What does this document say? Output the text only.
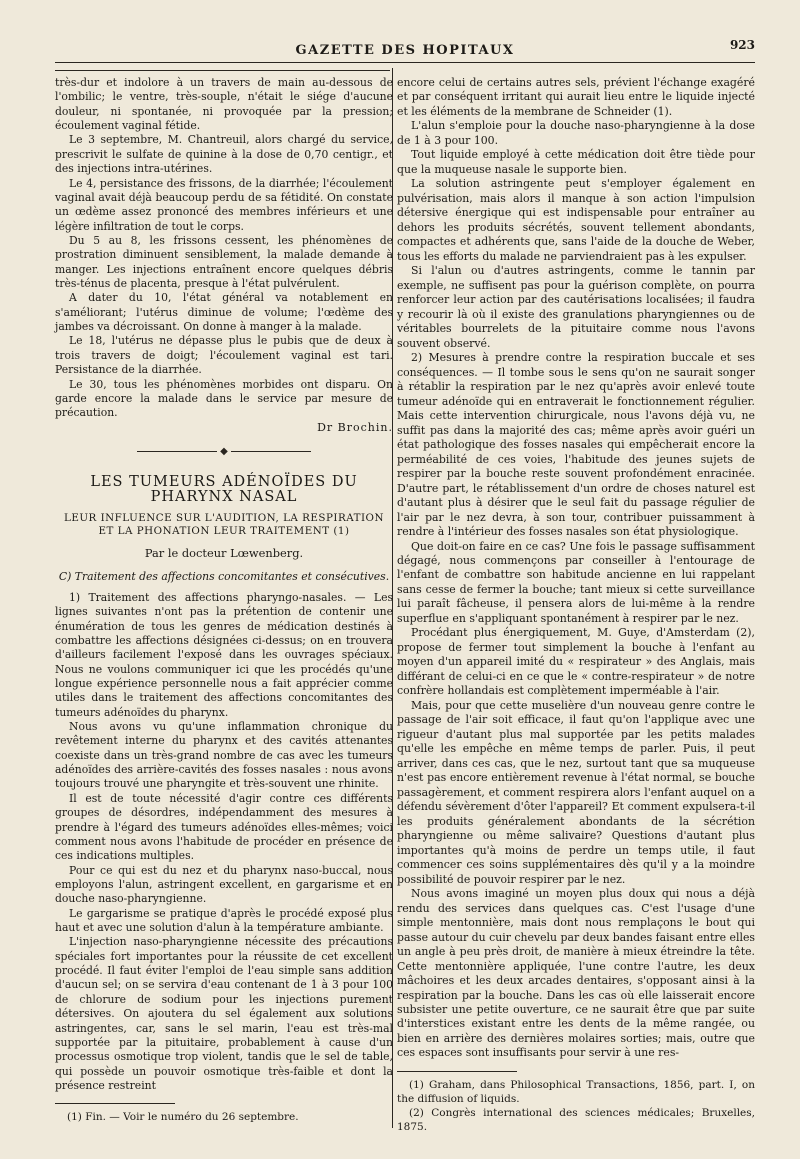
GAZETTE DES HOPITAUX	923

très-dur et indolore à un travers de main au-dessous de l'ombilic; le ventre, très-souple, n'était le siége d'aucune douleur, ni spontanée, ni provoquée par la pression; écoulement vaginal fétide.

Le 3 septembre, M. Chantreuil, alors chargé du service, prescrivit le sulfate de quinine à la dose de 0,70 centigr., et des injections intra-utérines.

Le 4, persistance des frissons, de la diarrhée; l'écoulement vaginal avait déjà beaucoup perdu de sa fétidité. On constate un œdème assez prononcé des membres inférieurs et une légère infiltration de tout le corps.

Du 5 au 8, les frissons cessent, les phénomènes de prostration diminuent sensiblement, la malade demande à manger. Les injections entraînent encore quelques débris très-ténus de placenta, presque à l'état pulvérulent.

A dater du 10, l'état général va notablement en s'améliorant; l'utérus diminue de volume; l'œdème des jambes va décroissant. On donne à manger à la malade.

Le 18, l'utérus ne dépasse plus le pubis que de deux à trois travers de doigt; l'écoulement vaginal est tari. Persistance de la diarrhée.

Le 30, tous les phénomènes morbides ont disparu. On garde encore la malade dans le service par mesure de précaution.

Dr Brochin.
◆
LES TUMEURS ADÉNOÏDES DU PHARYNX NASAL
LEUR INFLUENCE SUR L'AUDITION, LA RESPIRATION ET LA PHONATION LEUR TRAITEMENT (1)
Par le docteur Lœwenberg.
C) Traitement des affections concomitantes et consécutives.

1) Traitement des affections pharyngo-nasales. — Les lignes suivantes n'ont pas la prétention de contenir une énumération de tous les genres de médication destinés à combattre les affections désignées ci-dessus; on en trouvera d'ailleurs facilement l'exposé dans les ouvrages spéciaux. Nous ne voulons communiquer ici que les procédés qu'une longue expérience personnelle nous a fait apprécier comme utiles dans le traitement des affections concomitantes des tumeurs adénoïdes du pharynx.

Nous avons vu qu'une inflammation chronique du revêtement interne du pharynx et des cavités attenantes coexiste dans un très-grand nombre de cas avec les tumeurs adénoïdes des arrière-cavités des fosses nasales : nous avons toujours trouvé une pharyngite et très-souvent une rhinite.

Il est de toute nécessité d'agir contre ces différents groupes de désordres, indépendamment des mesures à prendre à l'égard des tumeurs adénoïdes elles-mêmes; voici comment nous avons l'habitude de procéder en présence de ces indications multiples.

Pour ce qui est du nez et du pharynx naso-buccal, nous employons l'alun, astringent excellent, en gargarisme et en douche naso-pharyngienne.

Le gargarisme se pratique d'après le procédé exposé plus haut et avec une solution d'alun à la température ambiante.

L'injection naso-pharyngienne nécessite des précautions spéciales fort importantes pour la réussite de cet excellent procédé. Il faut éviter l'emploi de l'eau simple sans addition d'aucun sel; on se servira d'eau contenant de 1 à 3 pour 100 de chlorure de sodium pour les injections purement détersives. On ajoutera du sel également aux solutions astringentes, car, sans le sel marin, l'eau est très-mal supportée par la pituitaire, probablement à cause d'un processus osmotique trop violent, tandis que le sel de table, qui possède un pouvoir osmotique très-faible et dont la présence restreint

(1) Fin. — Voir le numéro du 26 septembre.

encore celui de certains autres sels, prévient l'échange exagéré et par conséquent irritant qui aurait lieu entre le liquide injecté et les éléments de la membrane de Schneider (1).

L'alun s'emploie pour la douche naso-pharyngienne à la dose de 1 à 3 pour 100.

Tout liquide employé à cette médication doit être tiède pour que la muqueuse nasale le supporte bien.

La solution astringente peut s'employer également en pulvérisation, mais alors il manque à son action l'impulsion détersive énergique qui est indispensable pour entraîner au dehors les produits sécrétés, souvent tellement abondants, compactes et adhérents que, sans l'aide de la douche de Weber, tous les efforts du malade ne parviendraient pas à les expulser.

Si l'alun ou d'autres astringents, comme le tannin par exemple, ne suffisent pas pour la guérison complète, on pourra renforcer leur action par des cautérisations localisées; il faudra y recourir là où il existe des granulations pharyngiennes ou de véritables bourrelets de la pituitaire comme nous l'avons souvent observé.

2) Mesures à prendre contre la respiration buccale et ses conséquences. — Il tombe sous le sens qu'on ne saurait songer à rétablir la respiration par le nez qu'après avoir enlevé toute tumeur adénoïde qui en entraverait le fonctionnement régulier. Mais cette intervention chirurgicale, nous l'avons déjà vu, ne suffit pas dans la majorité des cas; même après avoir guéri un état pathologique des fosses nasales qui empêcherait encore la perméabilité de ces voies, l'habitude des jeunes sujets de respirer par la bouche reste souvent profondément enracinée. D'autre part, le rétablissement d'un ordre de choses naturel est d'autant plus à désirer que le seul fait du passage régulier de l'air par le nez devra, à son tour, contribuer puissamment à rendre à l'intérieur des fosses nasales son état physiologique.

Que doit-on faire en ce cas? Une fois le passage suffisamment dégagé, nous commençons par conseiller à l'entourage de l'enfant de combattre son habitude ancienne en lui rappelant sans cesse de fermer la bouche; tant mieux si cette surveillance lui paraît fâcheuse, il pensera alors de lui-même à la rendre superflue en s'appliquant spontanément à respirer par le nez.

Procédant plus énergiquement, M. Guye, d'Amsterdam (2), propose de fermer tout simplement la bouche à l'enfant au moyen d'un appareil imité du « respirateur » des Anglais, mais différant de celui-ci en ce que le « contre-respirateur » de notre confrère hollandais est complètement imperméable à l'air.

Mais, pour que cette muselière d'un nouveau genre contre le passage de l'air soit efficace, il faut qu'on l'applique avec une rigueur d'autant plus mal supportée par les petits malades qu'elle les empêche en même temps de parler. Puis, il peut arriver, dans ces cas, que le nez, surtout tant que sa muqueuse n'est pas encore entièrement revenue à l'état normal, se bouche passagèrement, et comment respirera alors l'enfant auquel on a défendu sévèrement d'ôter l'appareil? Et comment expulsera-t-il les produits généralement abondants de la sécrétion pharyngienne ou même salivaire? Questions d'autant plus importantes qu'à moins de perdre un temps utile, il faut commencer ces soins supplémentaires dès qu'il y a la moindre possibilité de pouvoir respirer par le nez.

Nous avons imaginé un moyen plus doux qui nous a déjà rendu des services dans quelques cas. C'est l'usage d'une simple mentonnière, mais dont nous remplaçons le bout qui passe autour du cuir chevelu par deux bandes faisant entre elles un angle à peu près droit, de manière à mieux étreindre la tête. Cette mentonnière appliquée, l'une contre l'autre, les deux mâchoires et les deux arcades dentaires, s'opposant ainsi à la respiration par la bouche. Dans les cas où elle laisserait encore subsister une petite ouverture, ce ne saurait être que par suite d'interstices existant entre les dents de la même rangée, ou bien en arrière des dernières molaires sorties; mais, outre que ces espaces sont insuffisants pour servir à une res-

(1) Graham, dans Philosophical Transactions, 1856, part. I, on the diffusion of liquids.
(2) Congrès international des sciences médicales; Bruxelles, 1875.
